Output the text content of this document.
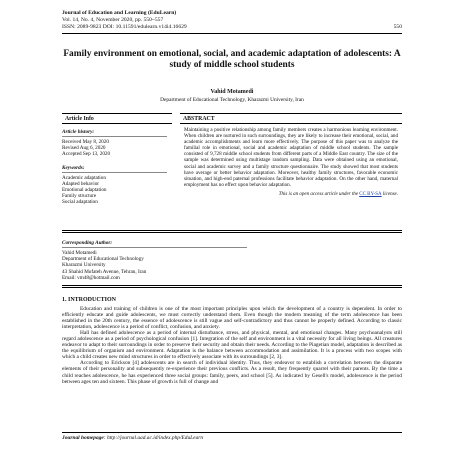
Journal of Education and Learning (EduLearn)
Vol. 14, No. 4, November 2020, pp. 550~557
ISSN: 2089-9823 DOI: 10.11591/edulearn.v14i4.16629	550
Family environment on emotional, social, and academic adaptation of adolescents: A study of middle school students
Vahid Motamedi
Department of Educational Technology, Kharazmi University, Iran
Article Info
Article history:
Received May 8, 2020
Revised Aug 6, 2020
Accepted Sep 13, 2020
Keywords:
Academic adaptation
Adapted behavior
Emotional adaptation
Family structure
Social adaptation
ABSTRACT
Maintaining a positive relationship among family members creates a harmonious learning environment. When children are nurtured in such surroundings, they are likely to increase their emotional, social, and academic accomplishments and learn more effectively. The purpose of this paper was to analyze the familial role in emotional, social and academic adaptation of middle school students. The sample consisted of 9,728 middle school students from different parts of a Middle East country. The size of the sample was determined using multistage random sampling. Data were obtained using an emotional, social and academic survey and a family structure questionnaire. The study showed that most students have average or better behavior adaptation. Moreover, healthy family structures, favorable economic situation, and high-end paternal professions facilitate behavior adaptation. On the other hand, maternal employment has no effect upon behavior adaptation.
This is an open access article under the CC BY-SA license.
Corresponding Author:
Vahid Motamedi
Department of Educational Technology
Kharazmi University
43 Shahid Mofateh Avenue, Tehran, Iran
Email: vm48@hotmail.com
1. INTRODUCTION

Education and training of children is one of the most important principles upon which the development of a country is dependent. In order to efficiently educate and guide adolescents, we must correctly understand them. Even though the modern meaning of the term adolescence has been established in the 20th century, the essence of adolescence is still vague and self-contradictory and thus cannot be properly defined. According to classic interpretation, adolescence is a period of conflict, confusion, and anxiety.

Hall has defined adolescence as a period of internal disturbance, stress, and physical, mental, and emotional changes. Many psychoanalysts still regard adolescence as a period of psychological confusion [1]. Integration of the self and environment is a vital necessity for all living beings. All creatures endeavor to adapt to their surroundings in order to preserve their security and obtain their needs. According to the Piagetian model, adaptation is described as the equilibrium of organism and environment. Adaptation is the balance between accommodation and assimilation. It is a process with two scopes with which a child creates new mind structures in order to effectively associate with its surroundings [2, 3].

According to Erickson [4] adolescents are in search of individual identity. Thus, they endeavor to establish a correlation between the disparate elements of their personality and subsequently re-experience their previous conflicts. As a result, they frequently quarrel with their parents. By the time a child reaches adolescence, he has experienced three social groups: family, peers, and school [5]. As indicated by Gesell's model, adolescence is the period between ages ten and sixteen. This phase of growth is full of change and

Journal homepage: http://journal.uad.ac.id/index.php/EduLearn
